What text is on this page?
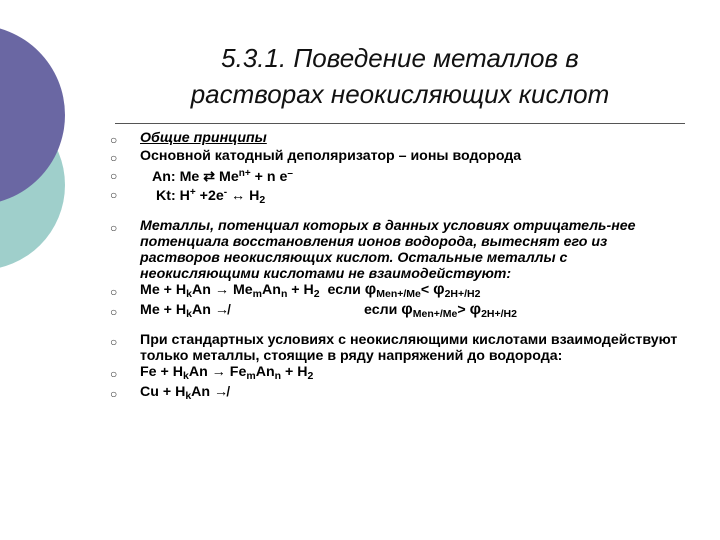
5.3.1. Поведение металлов в
растворах неокисляющих кислот
○	Общие принципы
○	Основной катодный деполяризатор – ионы водорода
○	An: Me ⇄ $Me^{n+} + n$ e–
○	Kt: H+ +2e- ↔ $H_2$
○	Металлы, потенциал которых в данных условиях отрицатель-нее потенциала восстановления ионов водорода, вытеснят его из растворов неокисляющих кислот. Остальные металлы с неокисляющими кислотами не взаимодействуют:
○	$Me + H_kAn \to Me_mAn_n + H_2$  если $\varphi_{Men+/Me}< \varphi_{2H+/H2}$
○	$Me + H_kAn$ ↛	если $\varphi_{Men+/Me}> \varphi_{2H+/H2}$
○	При стандартных условиях с неокисляющими кислотами взаимодействуют только металлы, стоящие в ряду напряжений до водорода:
○	$Fe + H_kAn \to Fe_mAn_n + H_2$
○	$Cu + H_kAn$ ↛
